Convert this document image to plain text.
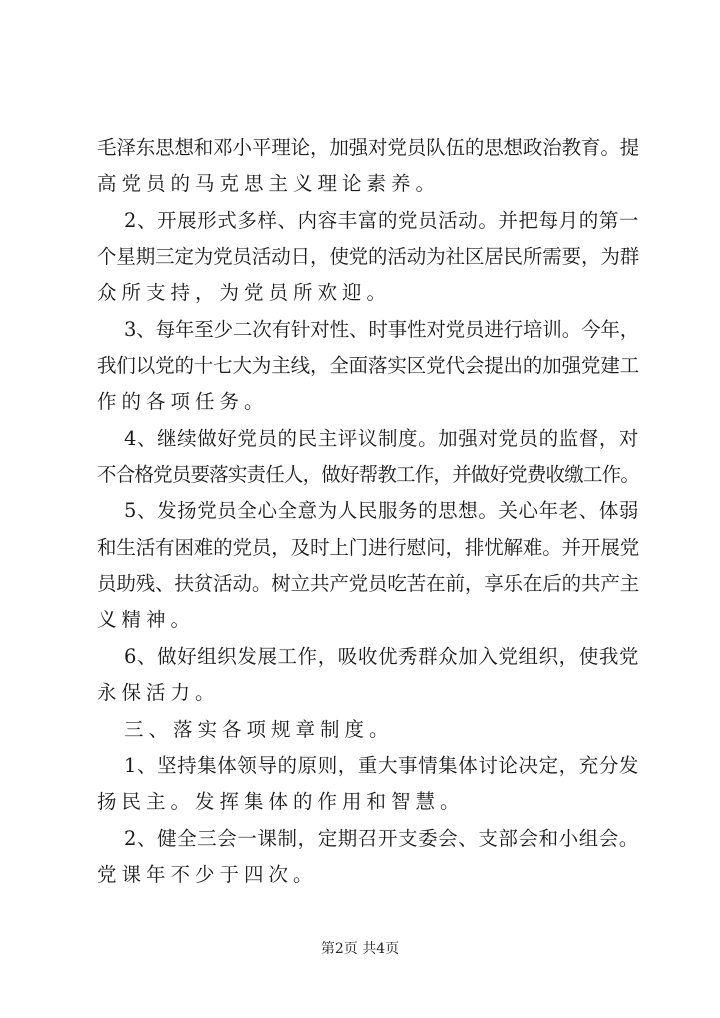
毛泽东思想和邓小平理论，加强对党员队伍的思想政治教育。提
高党员的马克思主义理论素养。
2、开展形式多样、内容丰富的党员活动。并把每月的第一
个星期三定为党员活动日，使党的活动为社区居民所需要，为群
众所支持，为党员所欢迎。
3、每年至少二次有针对性、时事性对党员进行培训。今年，
我们以党的十七大为主线，全面落实区党代会提出的加强党建工
作的各项任务。
4、继续做好党员的民主评议制度。加强对党员的监督，对
不合格党员要落实责任人，做好帮教工作，并做好党费收缴工作。
5、发扬党员全心全意为人民服务的思想。关心年老、体弱
和生活有困难的党员，及时上门进行慰问，排忧解难。并开展党
员助残、扶贫活动。树立共产党员吃苦在前，享乐在后的共产主
义精神。
6、做好组织发展工作，吸收优秀群众加入党组织，使我党
永保活力。
三、落实各项规章制度。
1、坚持集体领导的原则，重大事情集体讨论决定，充分发
扬民主。发挥集体的作用和智慧。
2、健全三会一课制，定期召开支委会、支部会和小组会。
党课年不少于四次。
第2页 共4页
